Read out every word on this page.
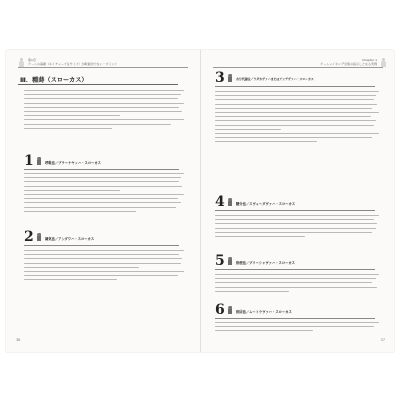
第1章
ゲームの基礎（ネイチャーズ＆サイズ）が戦術的でない・ポイント
Ⅲ．種蒔（スローカス）
1	呼吸法／ブラーナヤッハ・スローカス
2	調気法／アンダワハ・スローカス
36
Chapter 1
ゲームメイキング全般の指示しとなる実例
3	水分代謝法／ラダカヴァハまたはアンデヴァハ・スローカス
4	糖分法／スヴェーダヴァハ・スローカス
5	排便法／プリーシャヴァハ・スローカス
6	排尿法／ムートラヴァハ・スローカス
37
